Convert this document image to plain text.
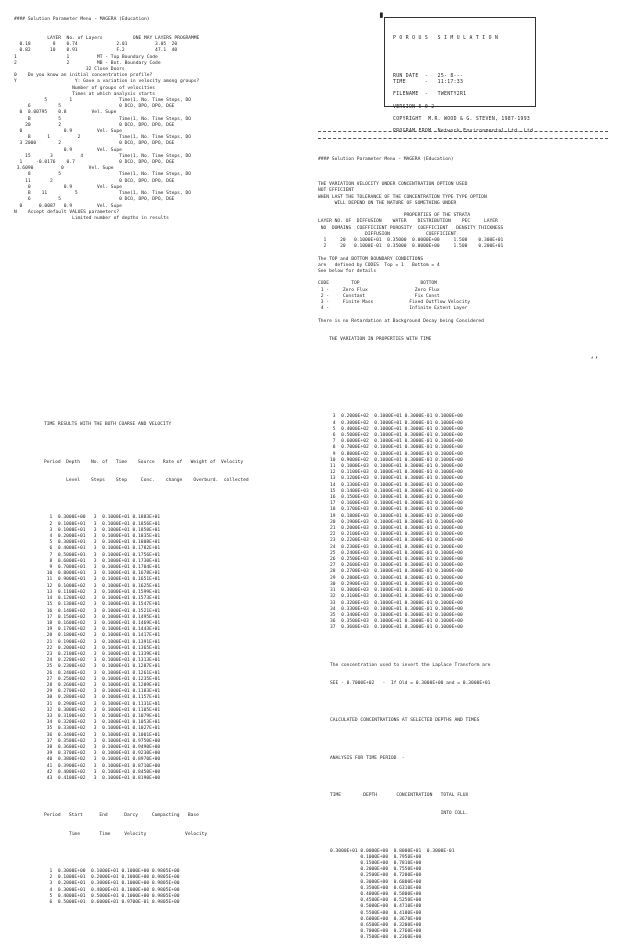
#### Solution Parameter Menu - MAGERA (Education)

LAYER  No. of Layers           ONE MAY LAYERS PROGRAMME
0.18        8    0.74              2.01          3.05  20
0.82       10    0.91              F.2           47.1  40
1                  1          MT - Top Boundary Code
2                  2          MB - Bot. Boundary Code
32 Close Doors
0    Do you know an initial concentration profile?
Y                     Y: Gave a variation in velocity among groups?
Number of groups of velocities
Times at which analysis starts
5        1                 Time(1, No. Time Steps, DO
6          5                     0 DCO, DPO, DPO, DGE
0  0.00795    0.8         Vel. Supe
B          5                     Time(1, No. Time Steps, DO
20          2                     0 DCO, DPO, DPO, DGE
0               0.9         Vel. Supe
B      1          2              Time(1, No. Time Steps, DO
3 2000        2                     0 DCO, DPO, DPO, DGE
0.9         Vel. Supe
15       3          4             Time(1, No. Time Steps, DO
1     -0.0176    0.7                0 DCO, DPO, DPO, DGE
3.6090          0         Vel. Supe
8          5                     Time(1, No. Time Steps, DO
11       2                        0 DCO, DPO, DPO, DGE
0            0.9         Vel. Supe
B    11          5               Time(1, No. Time Steps, DO
6          5                     0 DCO, DPO, DPO, DGE
0      0.0087   0.9         Vel. Supe
N    Accept default VALUES parameters?
Limited number of depths in results

P O R O U S   S I M U L A T I O N

RUN DATE  -   25- 8---
TIME      -   11:17:33

FILENAME  -   TWENTY2R1

VERSION 6 0 2

COPYRIGHT  M.R. WOOD & G. STEVEN, 1987-1993

PROGRAM FROM  Network Environmental Ltd. Ltd.

▘

#### Solution Parameter Menu - MAGERA (Education)

THE VARIATION VELOCITY UNDER CONCENTRATION OPTION USED
NOT EFFICIENT
WHEN LAST THE TOLERANCE OF THE CONCENTRATION TYPE TYPE OPTION
WILL DEPEND ON THE NATURE OF SOMETHING UNDER

PROPERTIES OF THE STRATA
LAYER NO. OF  DIFFUSION    WATER    DISTRIBUTION    PEC     LAYER
NO  DOMAINS  COEFFICIENT POROSITY  COEFFICIENT   DENSITY THICKNESS
DIFFUSION             COEFFICIENT
1     20   0.1000E+01  0.35000  0.0000E+00     1.500    0.300E+01
2     20   0.1000E-01  0.35000  0.0000E+00     1.500    0.200E+01

The TOP and BOTTOM BOUNDARY CONDITIONS
are   defined by CODES  Top = 1   Bottom = 4
See below for details

CODE        TOP                      BOTTOM
1 -     Zero Flux                 Zero Flux
2 -     Constant                  Fix Const
3 -     Finite Mass             Fixed Outflow Velocity
4 -                             Infinite Extent Layer

There is no Retardation at Background Decay being Considered

THE VARIATION IN PROPERTIES WITH TIME

TIME RESULTS WITH THE BOTH COARSE AND VELOCITY

Period  Depth    No. of   Time    Source   Rate of   Weight of  Velocity

Level    Steps    Step     Conc.    change    Overburd.  collected

1  0.3000E+00   3  0.1000E+01 0.1883E+01
2  0.1000E+01   3  0.1000E+01 0.1856E+01
3  0.1000E+01   3  0.1000E+01 0.1850E+01
4  0.2000E+01   3  0.1000E+01 0.1835E+01
5  0.3000E+01   3  0.1000E+01 0.1808E+01
6  0.4000E+01   3  0.1000E+01 0.1782E+01
7  0.5000E+01   3  0.1000E+01 0.1756E+01
8  0.6000E+01   3  0.1000E+01 0.1730E+01
9  0.7000E+01   3  0.1000E+01 0.1704E+01
10  0.8000E+01   3  0.1000E+01 0.1678E+01
11  0.9000E+01   3  0.1000E+01 0.1651E+01
12  0.1000E+02   3  0.1000E+01 0.1625E+01
13  0.1100E+02   3  0.1000E+01 0.1599E+01
14  0.1200E+02   3  0.1000E+01 0.1573E+01
15  0.1300E+02   3  0.1000E+01 0.1547E+01
16  0.1400E+02   3  0.1000E+01 0.1521E+01
17  0.1500E+02   3  0.1000E+01 0.1495E+01
18  0.1600E+02   3  0.1000E+01 0.1469E+01
19  0.1700E+02   3  0.1000E+01 0.1443E+01
20  0.1800E+02   3  0.1000E+01 0.1417E+01
21  0.1900E+02   3  0.1000E+01 0.1391E+01
22  0.2000E+02   3  0.1000E+01 0.1365E+01
23  0.2100E+02   3  0.1000E+01 0.1339E+01
24  0.2200E+02   3  0.1000E+01 0.1313E+01
25  0.2300E+02   3  0.1000E+01 0.1287E+01
26  0.2400E+02   3  0.1000E+01 0.1261E+01
27  0.2500E+02   3  0.1000E+01 0.1235E+01
28  0.2600E+02   3  0.1000E+01 0.1209E+01
29  0.2700E+02   3  0.1000E+01 0.1183E+01
30  0.2800E+02   3  0.1000E+01 0.1157E+01
31  0.2900E+02   3  0.1000E+01 0.1131E+01
32  0.3000E+02   3  0.1000E+01 0.1105E+01
33  0.3100E+02   3  0.1000E+01 0.1079E+01
34  0.3200E+02   3  0.1000E+01 0.1053E+01
35  0.3300E+02   3  0.1000E+01 0.1027E+01
36  0.3400E+02   3  0.1000E+01 0.1001E+01
37  0.3500E+02   3  0.1000E+01 0.9750E+00
38  0.3600E+02   3  0.1000E+01 0.9490E+00
39  0.3700E+02   3  0.1000E+01 0.9230E+00
40  0.3800E+02   3  0.1000E+01 0.8970E+00
41  0.3900E+02   3  0.1000E+01 0.8710E+00
42  0.4000E+02   3  0.1000E+01 0.8450E+00
43  0.4100E+02   3  0.1000E+01 0.8190E+00

Period   Start      End      Darcy     Compacting   Base

Time       Time     Velocity              Velocity

1  0.3000E+00  0.1000E+01 0.1000E+00 0.9805E+00
2  0.1000E+01  0.2000E+01 0.1000E+00 0.9805E+00
3  0.2000E+01  0.3000E+01 0.1000E+00 0.9805E+00
4  0.3000E+01  0.4000E+01 0.1000E+00 0.9805E+00
5  0.4000E+01  0.5000E+01 0.1000E+00 0.9805E+00
6  0.5000E+01  0.6000E+01 0.9700E-01 0.9805E+00

3  0.2000E+02  0.1000E+01 0.3000E-01 0.1000E+00
4  0.3000E+02  0.1000E+01 0.3000E-01 0.1000E+00
5  0.4000E+02  0.1000E+01 0.3000E-01 0.1000E+00
6  0.5000E+02  0.1000E+01 0.3000E-01 0.1000E+00
7  0.6000E+02  0.1000E+01 0.3000E-01 0.1000E+00
8  0.7000E+02  0.1000E+01 0.3000E-01 0.1000E+00
9  0.8000E+02  0.1000E+01 0.3000E-01 0.1000E+00
10  0.9000E+02  0.1000E+01 0.3000E-01 0.1000E+00
11  0.1000E+03  0.1000E+01 0.3000E-01 0.1000E+00
12  0.1100E+03  0.1000E+01 0.3000E-01 0.1000E+00
13  0.1200E+03  0.1000E+01 0.3000E-01 0.1000E+00
14  0.1300E+03  0.1000E+01 0.3000E-01 0.1000E+00
15  0.1400E+03  0.1000E+01 0.3000E-01 0.1000E+00
16  0.1500E+03  0.1000E+01 0.3000E-01 0.1000E+00
17  0.1600E+03  0.1000E+01 0.3000E-01 0.1000E+00
18  0.1700E+03  0.1000E+01 0.3000E-01 0.1000E+00
19  0.1800E+03  0.1000E+01 0.3000E-01 0.1000E+00
20  0.1900E+03  0.1000E+01 0.3000E-01 0.1000E+00
21  0.2000E+03  0.1000E+01 0.3000E-01 0.1000E+00
22  0.2100E+03  0.1000E+01 0.3000E-01 0.1000E+00
23  0.2200E+03  0.1000E+01 0.3000E-01 0.1000E+00
24  0.2300E+03  0.1000E+01 0.3000E-01 0.1000E+00
25  0.2400E+03  0.1000E+01 0.3000E-01 0.1000E+00
26  0.2500E+03  0.1000E+01 0.3000E-01 0.1000E+00
27  0.2600E+03  0.1000E+01 0.3000E-01 0.1000E+00
28  0.2700E+03  0.1000E+01 0.3000E-01 0.1000E+00
29  0.2800E+03  0.1000E+01 0.3000E-01 0.1000E+00
30  0.2900E+03  0.1000E+01 0.3000E-01 0.1000E+00
31  0.3000E+03  0.1000E+01 0.3000E-01 0.1000E+00
32  0.3100E+03  0.1000E+01 0.3000E-01 0.1000E+00
33  0.3200E+03  0.1000E+01 0.3000E-01 0.1000E+00
34  0.3300E+03  0.1000E+01 0.3000E-01 0.1000E+00
35  0.3400E+03  0.1000E+01 0.3000E-01 0.1000E+00
36  0.3500E+03  0.1000E+01 0.3000E-01 0.1000E+00
37  0.3600E+03  0.1000E+01 0.3000E-01 0.1000E+00

The concentration used to invert the Laplace Transform are

SEE - 0.7000E+02   -  If Old = 0.3000E+00 and = 0.3000E+01

CALCULATED CONCENTRATIONS AT SELECTED DEPTHS AND TIMES

ANALYSIS FOR TIME PERIOD  -

TIME        DEPTH       CONCENTRATION   TOTAL FLUX

INTO COLL.

0.3000E+01 0.0000E+00  0.8000E+01  0.3000E-01
0.1000E+00  0.7950E+00
0.1500E+00  0.7810E+00
0.2000E+00  0.7550E+00
0.2500E+00  0.7200E+00
0.3000E+00  0.6800E+00
0.3500E+00  0.6310E+00
0.4000E+00  0.5800E+00
0.4500E+00  0.5250E+00
0.5000E+00  0.4710E+00
0.5500E+00  0.4180E+00
0.6000E+00  0.3670E+00
0.6500E+00  0.3200E+00
0.7000E+00  0.2760E+00
0.7500E+00  0.2360E+00

ʻʼ
